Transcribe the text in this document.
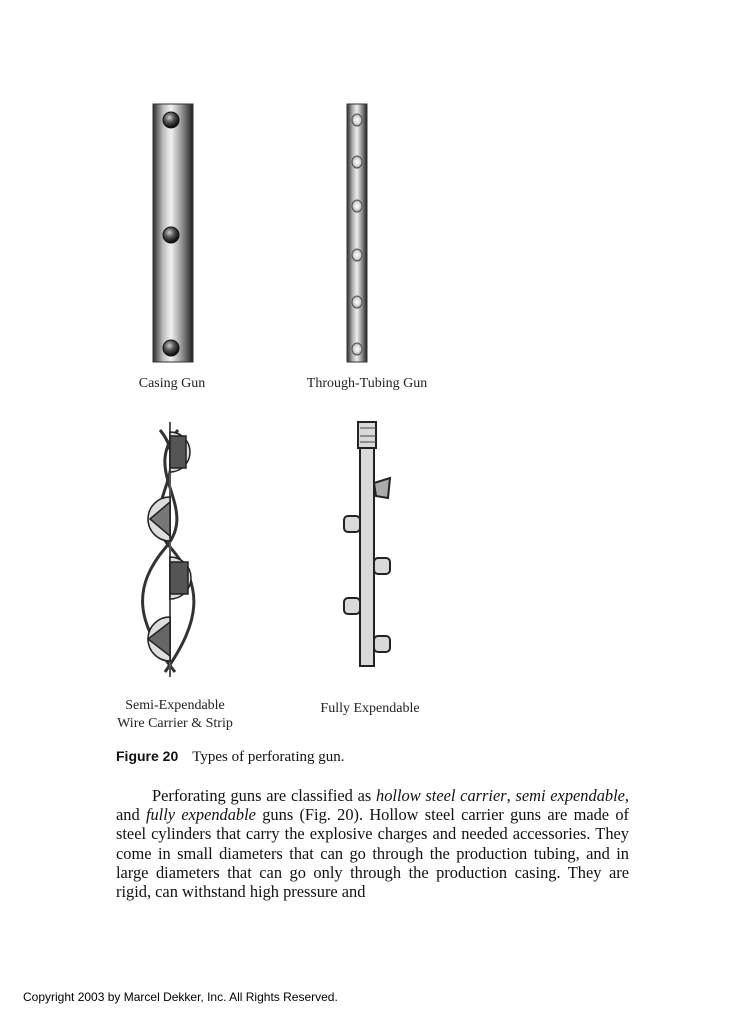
Casing Gun	Through-Tubing Gun
Semi-Expendable
Wire Carrier & Strip
Fully Expendable
Figure 20 Types of perforating gun.
Perforating guns are classified as hollow steel carrier, semi expendable, and fully expendable guns (Fig. 20). Hollow steel carrier guns are made of steel cylinders that carry the explosive charges and needed accessories. They come in small diameters that can go through the production tubing, and in large diameters that can go only through the production casing. They are rigid, can withstand high pressure and
Copyright 2003 by Marcel Dekker, Inc. All Rights Reserved.
